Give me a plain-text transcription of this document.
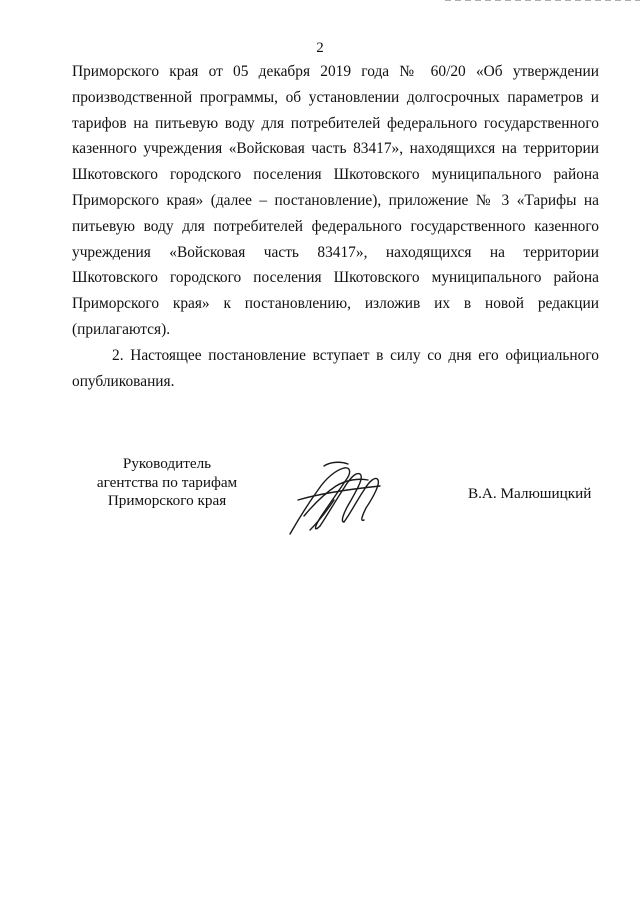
2

Приморского края от 05 декабря 2019 года № 60/20 «Об утверждении производственной программы, об установлении долгосрочных параметров и тарифов на питьевую воду для потребителей федерального государственного казенного учреждения «Войсковая часть 83417», находящихся на территории Шкотовского городского поселения Шкотовского муниципального района Приморского края» (далее – постановление), приложение № 3 «Тарифы на питьевую воду для потребителей федерального государственного казенного учреждения «Войсковая часть 83417», находящихся на территории Шкотовского городского поселения Шкотовского муниципального района Приморского края» к постановлению, изложив их в новой редакции (прилагаются).

2. Настоящее постановление вступает в силу со дня его официального опубликования.

Руководитель
агентства по тарифам
Приморского края	В.А. Малюшицкий
